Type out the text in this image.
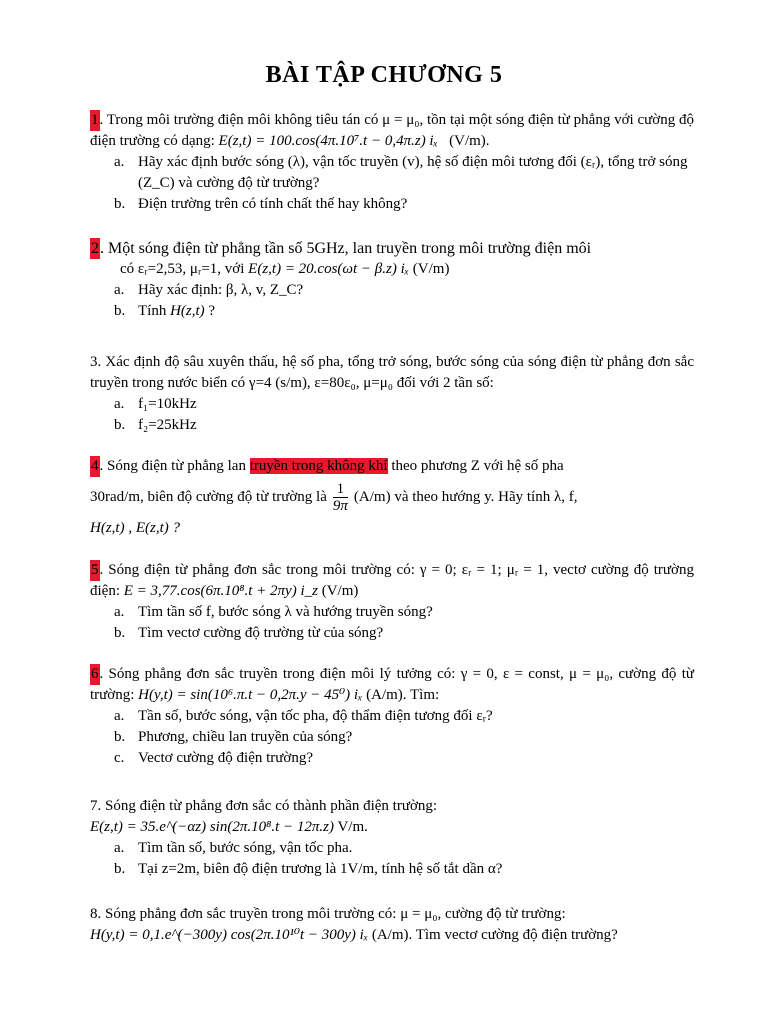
BÀI TẬP CHƯƠNG 5

1. Trong môi trường điện môi không tiêu tán có μ = μ₀, tồn tại một sóng điện từ phẳng với cường độ điện trường có dạng: E(z,t) = 100.cos(4π.10⁷.t − 0,4π.z) iₓ (V/m).

a. Hãy xác định bước sóng (λ), vận tốc truyền (v), hệ số điện môi tương đối (εᵣ), tổng trở sóng (Z_C) và cường độ từ trường?
b. Điện trường trên có tính chất thế hay không?

2. Một sóng điện từ phẳng tần số 5GHz, lan truyền trong môi trường điện môi

có εᵣ=2,53, μᵣ=1, với E(z,t) = 20.cos(ωt − β.z) iₓ (V/m)

a. Hãy xác định: β, λ, v, Z_C?
b. Tính H(z,t) ?

3. Xác định độ sâu xuyên thấu, hệ số pha, tổng trở sóng, bước sóng của sóng điện từ phẳng đơn sắc truyền trong nước biển có γ=4 (s/m), ε=80ε₀, μ=μ₀ đối với 2 tần số:

a. f₁=10kHz
b. f₂=25kHz

4. Sóng điện từ phẳng lan truyền trong không khí theo phương Z với hệ số pha

30rad/m, biên độ cường độ từ trường là $\frac{1}{9\pi} (A/m)$ và theo hướng y. Hãy tính λ, f,

H(z,t) , E(z,t) ?

5. Sóng điện từ phẳng đơn sắc trong môi trường có: γ = 0; εᵣ = 1; μᵣ = 1, vectơ cường độ trường điện: E = 3,77.cos(6π.10⁸.t + 2πy) i_z (V/m)

a. Tìm tần số f, bước sóng λ và hướng truyền sóng?
b. Tìm vectơ cường độ trường từ của sóng?

6. Sóng phẳng đơn sắc truyền trong điện môi lý tưởng có: γ = 0, ε = const, μ = μ₀, cường độ từ trường: H(y,t) = sin(10⁶.π.t − 0,2π.y − 45⁰) iₓ (A/m). Tìm:

a. Tần số, bước sóng, vận tốc pha, độ thẩm điện tương đối εᵣ?
b. Phương, chiều lan truyền của sóng?
c. Vectơ cường độ điện trường?

7. Sóng điện từ phẳng đơn sắc có thành phần điện trường:

E(z,t) = 35.e^(−αz) sin(2π.10⁸.t − 12π.z) V/m.

a. Tìm tần số, bước sóng, vận tốc pha.
b. Tại z=2m, biên độ điện trương là 1V/m, tính hệ số tắt dần α?

8. Sóng phẳng đơn sắc truyền trong môi trường có: μ = μ₀, cường độ từ trường:

H(y,t) = 0,1.e^(−300y) cos(2π.10¹⁰t − 300y) iₓ (A/m). Tìm vectơ cường độ điện trường?
